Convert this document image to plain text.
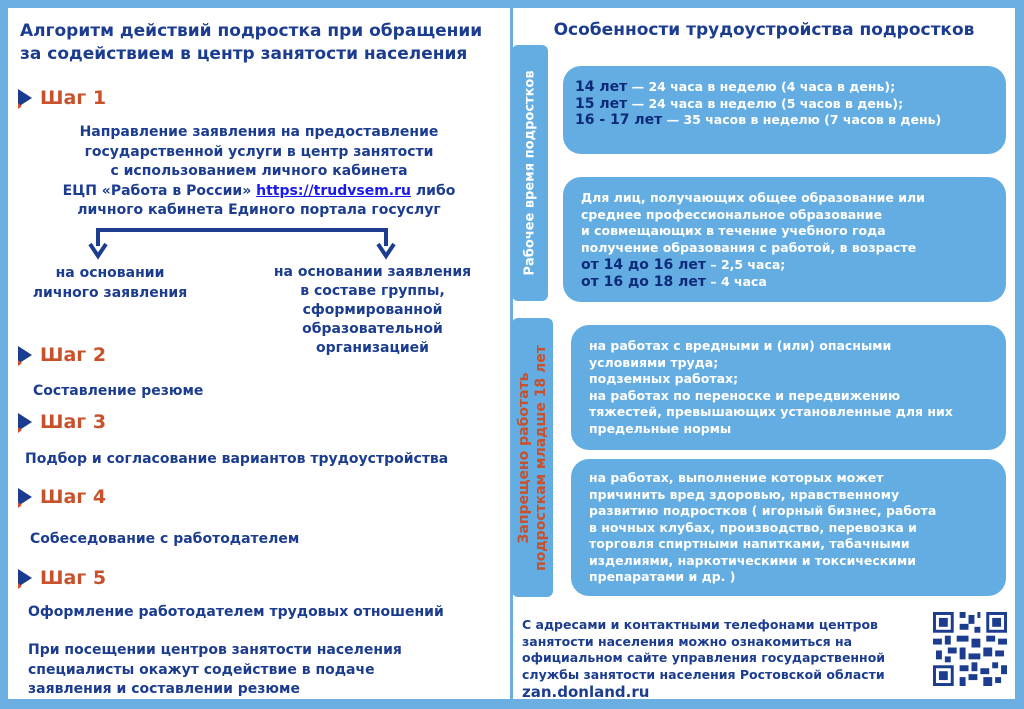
Алгоритм действий подростка при обращении
за содействием в центр занятости населения
Шаг 1
Направление заявления на предоставление
государственной услуги в центр занятости
с использованием личного кабинета
ЕЦП «Работа в России» https://trudvsem.ru либо
личного кабинета Единого портала госуслуг
на основании
личного заявления
на основании заявления
в составе группы,
сформированной
образовательной
организацией
Шаг 2
Составление резюме
Шаг 3
Подбор и согласование вариантов трудоустройства
Шаг 4
Собеседование с работодателем
Шаг 5
Оформление работодателем трудовых отношений
При посещении центров занятости населения
специалисты окажут содействие в подаче
заявления и составлении резюме
Особенности трудоустройства подростков
Рабочее время подростков
Запрещено работать подросткам младше 18 лет
→
→
→
→
14 лет — 24 часа в неделю (4 часа в день);
15 лет — 24 часа в неделю (5 часов в день);
16 - 17 лет — 35 часов в неделю (7 часов в день)
Для лиц, получающих общее образование или
среднее профессиональное образование
и совмещающих в течение учебного года
получение образования с работой, в возрасте
от 14 до 16 лет – 2,5 часа;
от 16 до 18 лет – 4 часа
на работах с вредными и (или) опасными
условиями труда;
подземных работах;
на работах по переноске и передвижению
тяжестей, превышающих установленные для них
предельные нормы
на работах, выполнение которых может
причинить вред здоровью, нравственному
развитию подростков ( игорный бизнес, работа
в ночных клубах, производство, перевозка и
торговля спиртными напитками, табачными
изделиями, наркотическими и токсическими
препаратами и др. )
С адресами и контактными телефонами центров
занятости населения можно ознакомиться на
официальном сайте управления государственной
службы занятости населения Ростовской области
zan.donland.ru
